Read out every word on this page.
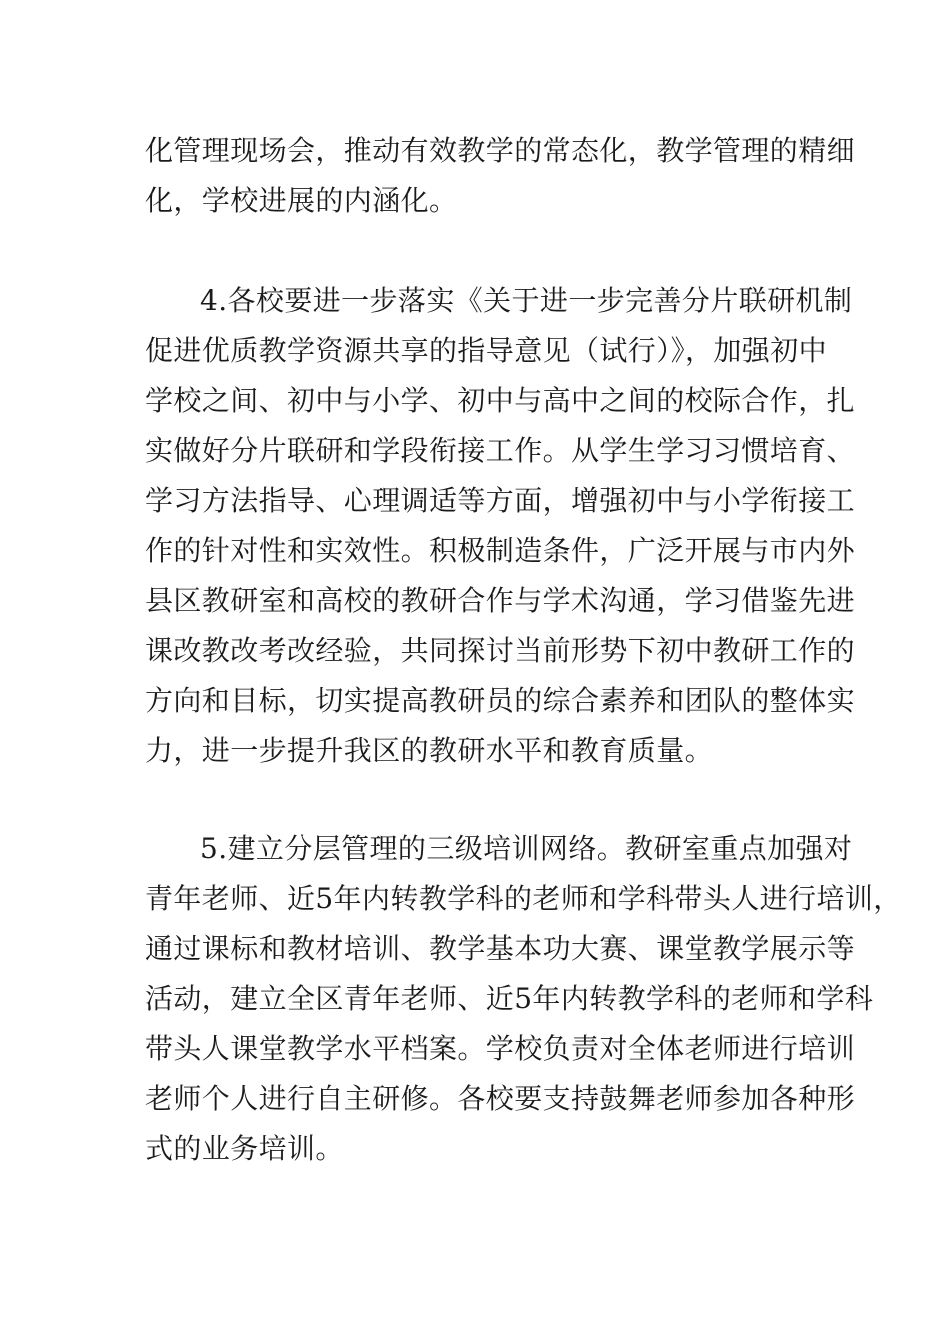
化管理现场会，推动有效教学的常态化，教学管理的精细
化，学校进展的内涵化。
4.各校要进一步落实《关于进一步完善分片联研机制
促进优质教学资源共享的指导意见（试行）》，加强初中
学校之间、初中与小学、初中与高中之间的校际合作，扎
实做好分片联研和学段衔接工作。从学生学习习惯培育、
学习方法指导、心理调适等方面，增强初中与小学衔接工
作的针对性和实效性。积极制造条件，广泛开展与市内外
县区教研室和高校的教研合作与学术沟通，学习借鉴先进
课改教改考改经验，共同探讨当前形势下初中教研工作的
方向和目标，切实提高教研员的综合素养和团队的整体实
力，进一步提升我区的教研水平和教育质量。
5.建立分层管理的三级培训网络。教研室重点加强对
青年老师、近5年内转教学科的老师和学科带头人进行培训，
通过课标和教材培训、教学基本功大赛、课堂教学展示等
活动，建立全区青年老师、近5年内转教学科的老师和学科
带头人课堂教学水平档案。学校负责对全体老师进行培训
老师个人进行自主研修。各校要支持鼓舞老师参加各种形
式的业务培训。
